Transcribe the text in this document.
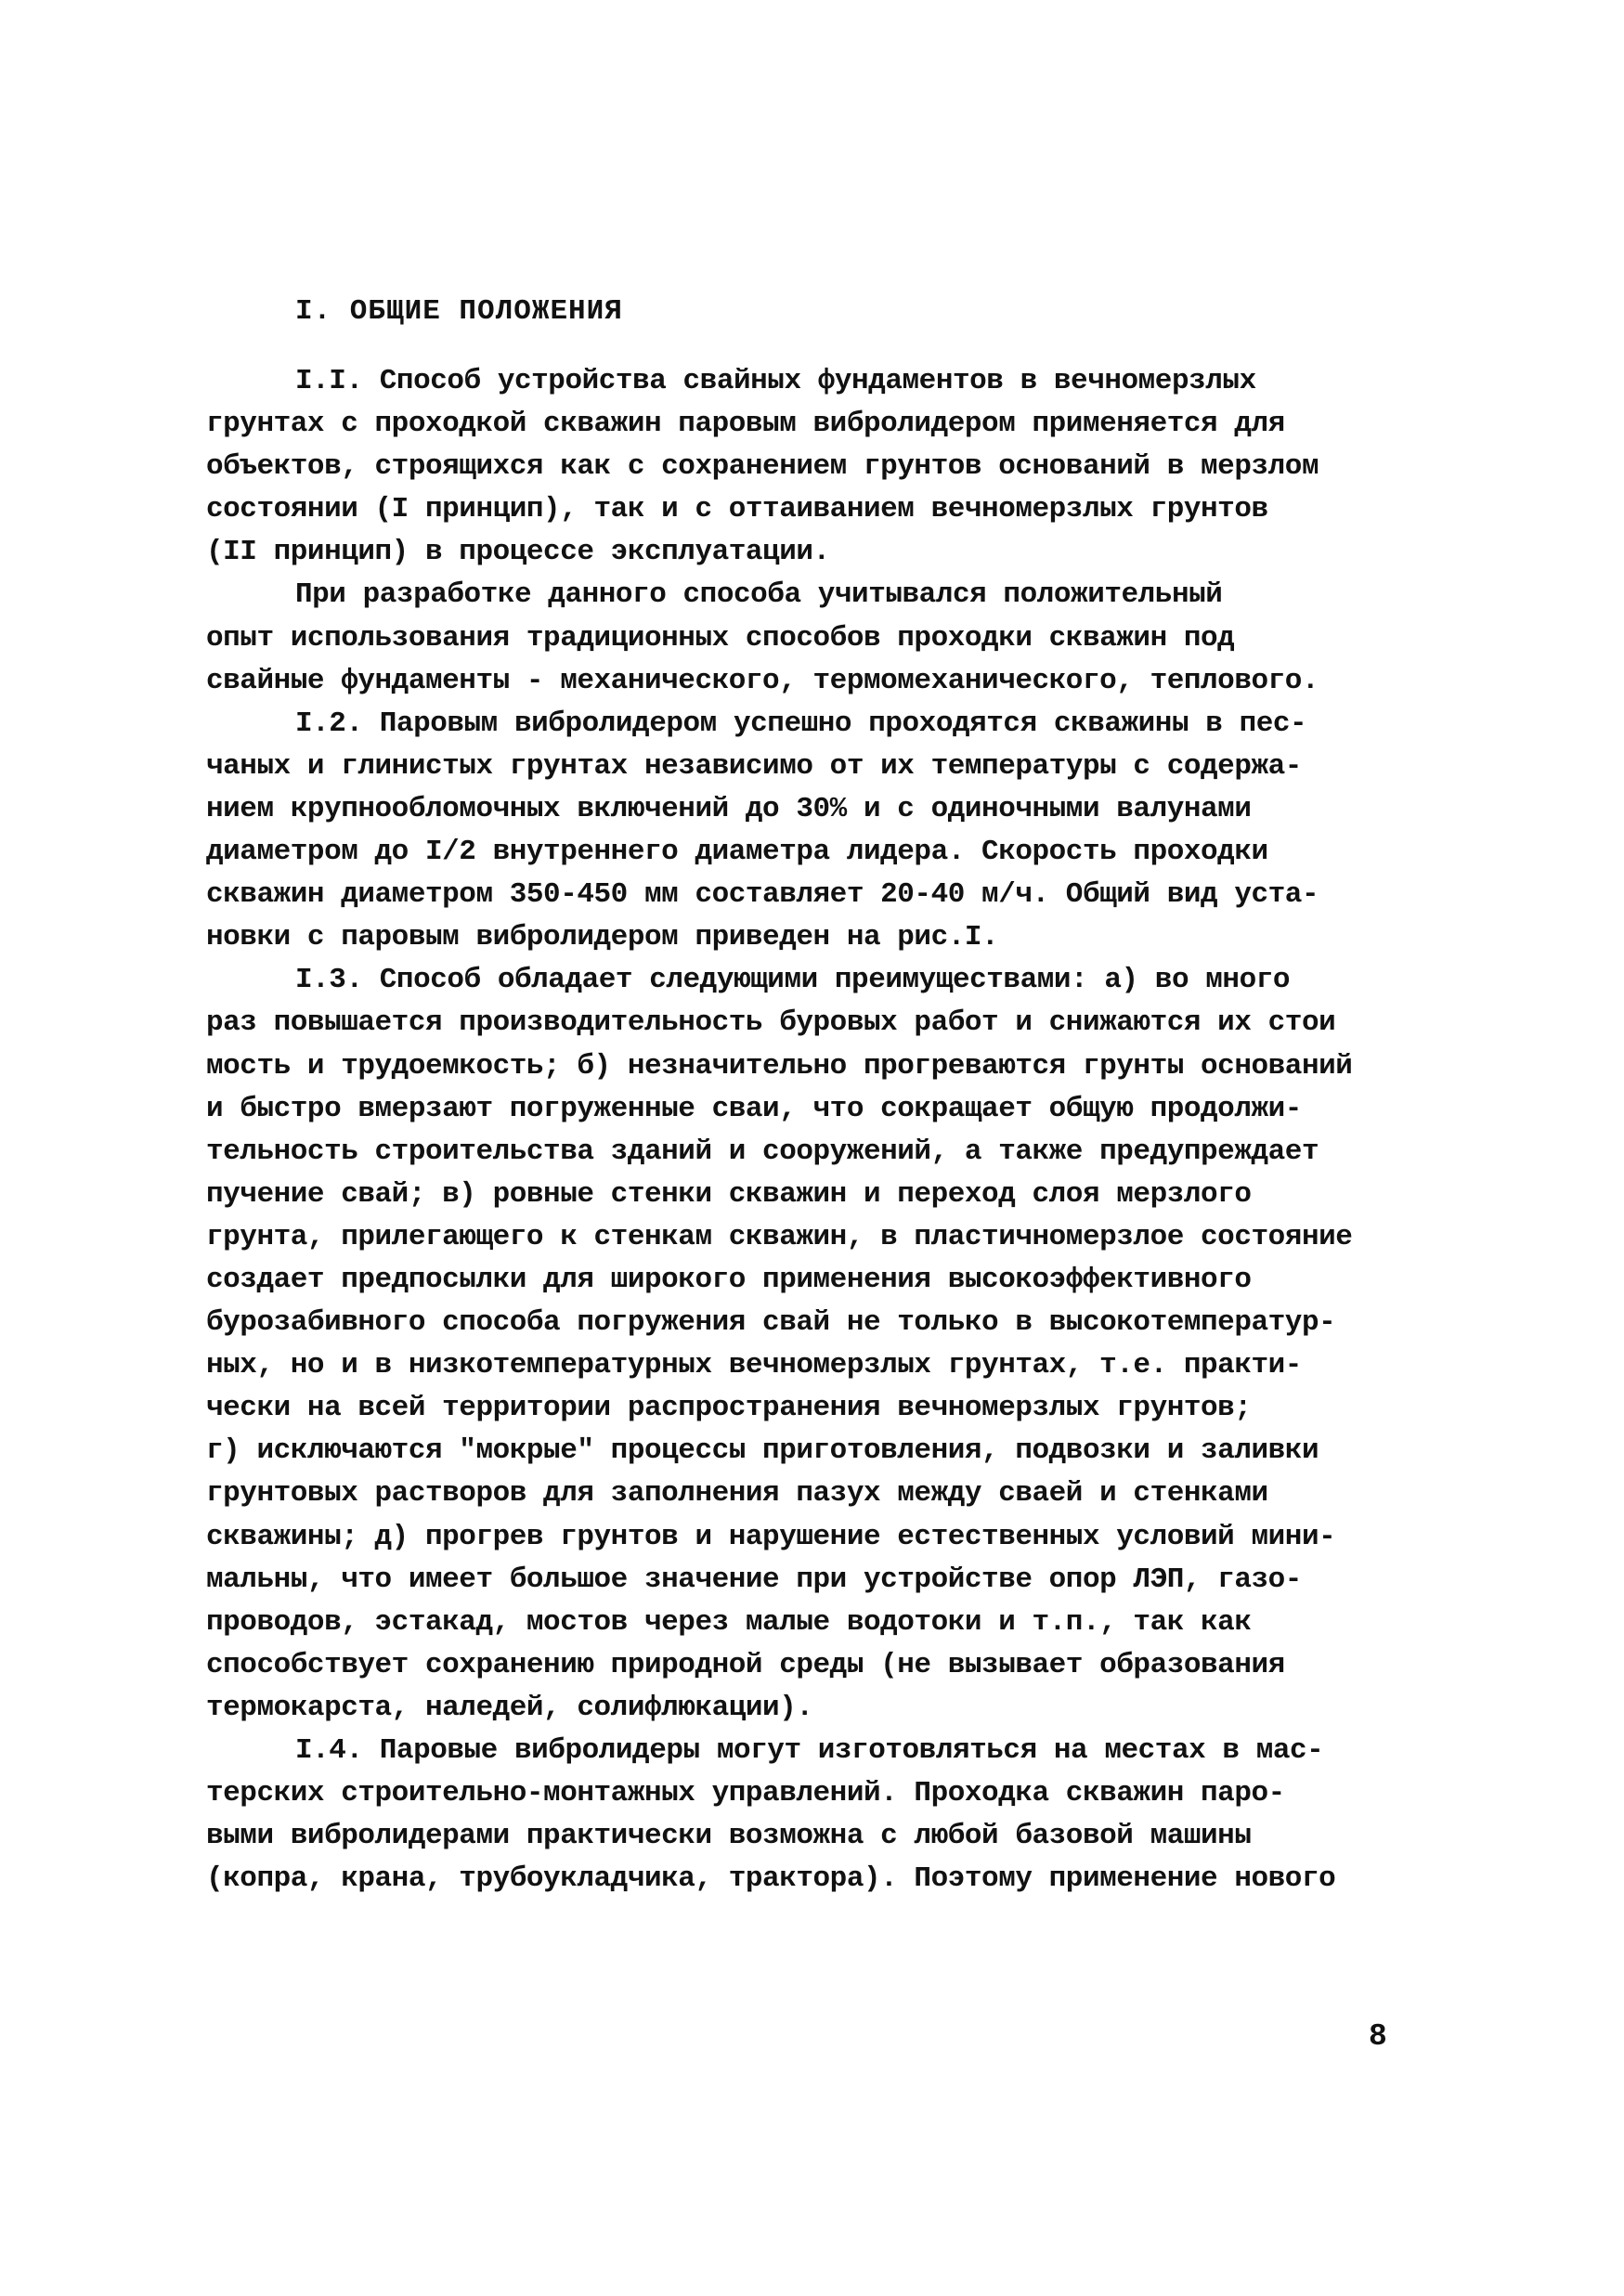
I. ОБЩИЕ ПОЛОЖЕНИЯ
I.I. Способ устройства свайных фундаментов в вечномерзлых
грунтах с проходкой скважин паровым вибролидером применяется для
объектов, строящихся как с сохранением грунтов оснований в мерзлом
состоянии (I принцип), так и с оттаиванием вечномерзлых грунтов
(II принцип) в процессе эксплуатации.
При разработке данного способа учитывался положительный
опыт использования традиционных способов проходки скважин под
свайные фундаменты - механического, термомеханического, теплового.
I.2. Паровым вибролидером успешно проходятся скважины в пес-
чаных и глинистых грунтах независимо от их температуры с содержа-
нием крупнообломочных включений до 30% и с одиночными валунами
диаметром до I/2 внутреннего диаметра лидера. Скорость проходки
скважин диаметром 350-450 мм составляет 20-40 м/ч. Общий вид уста-
новки с паровым вибролидером приведен на рис.I.
I.3. Способ обладает следующими преимуществами: а) во много
раз повышается производительность буровых работ и снижаются их стои
мость и трудоемкость; б) незначительно прогреваются грунты оснований
и быстро вмерзают погруженные сваи, что сокращает общую продолжи-
тельность строительства зданий и сооружений, а также предупреждает
пучение свай; в) ровные стенки скважин и переход слоя мерзлого
грунта, прилегающего к стенкам скважин, в пластичномерзлое состояние
создает предпосылки для широкого применения высокоэффективного
бурозабивного способа погружения свай не только в высокотемператур-
ных, но и в низкотемпературных вечномерзлых грунтах, т.е. практи-
чески на всей территории распространения вечномерзлых грунтов;
г) исключаются "мокрые" процессы приготовления, подвозки и заливки
грунтовых растворов для заполнения пазух между сваей и стенками
скважины; д) прогрев грунтов и нарушение естественных условий мини-
мальны, что имеет большое значение при устройстве опор ЛЭП, газо-
проводов, эстакад, мостов через малые водотоки и т.п., так как
способствует сохранению природной среды (не вызывает образования
термокарста, наледей, солифлюкации).
I.4. Паровые вибролидеры могут изготовляться на местах в мас-
терских строительно-монтажных управлений. Проходка скважин паро-
выми вибролидерами практически возможна с любой базовой машины
(копра, крана, трубоукладчика, трактора). Поэтому применение нового
8
